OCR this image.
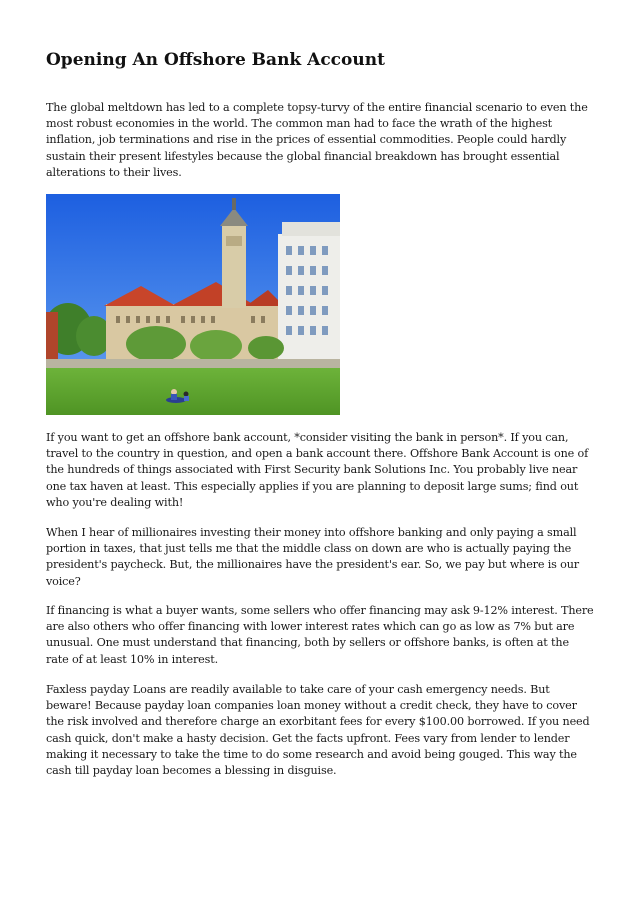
Opening An Offshore Bank Account

The global meltdown has led to a complete topsy-turvy of the entire financial scenario to even the most robust economies in the world. The common man had to face the wrath of the highest inflation, job terminations and rise in the prices of essential commodities. People could hardly sustain their present lifestyles because the global financial breakdown has brought essential alterations to their lives.

If you want to get an offshore bank account, *consider visiting the bank in person*. If you can, travel to the country in question, and open a bank account there. Offshore Bank Account is one of the hundreds of things associated with First Security bank Solutions Inc. You probably live near one tax haven at least. This especially applies if you are planning to deposit large sums; find out who you're dealing with!

When I hear of millionaires investing their money into offshore banking and only paying a small portion in taxes, that just tells me that the middle class on down are who is actually paying the president's paycheck. But, the millionaires have the president's ear. So, we pay but where is our voice?

If financing is what a buyer wants, some sellers who offer financing may ask 9-12% interest. There are also others who offer financing with lower interest rates which can go as low as 7% but are unusual. One must understand that financing, both by sellers or offshore banks, is often at the rate of at least 10% in interest.

Faxless payday Loans are readily available to take care of your cash emergency needs. But beware! Because payday loan companies loan money without a credit check, they have to cover the risk involved and therefore charge an exorbitant fees for every $100.00 borrowed. If you need cash quick, don't make a hasty decision. Get the facts upfront. Fees vary from lender to lender making it necessary to take the time to do some research and avoid being gouged. This way the cash till payday loan becomes a blessing in disguise.
